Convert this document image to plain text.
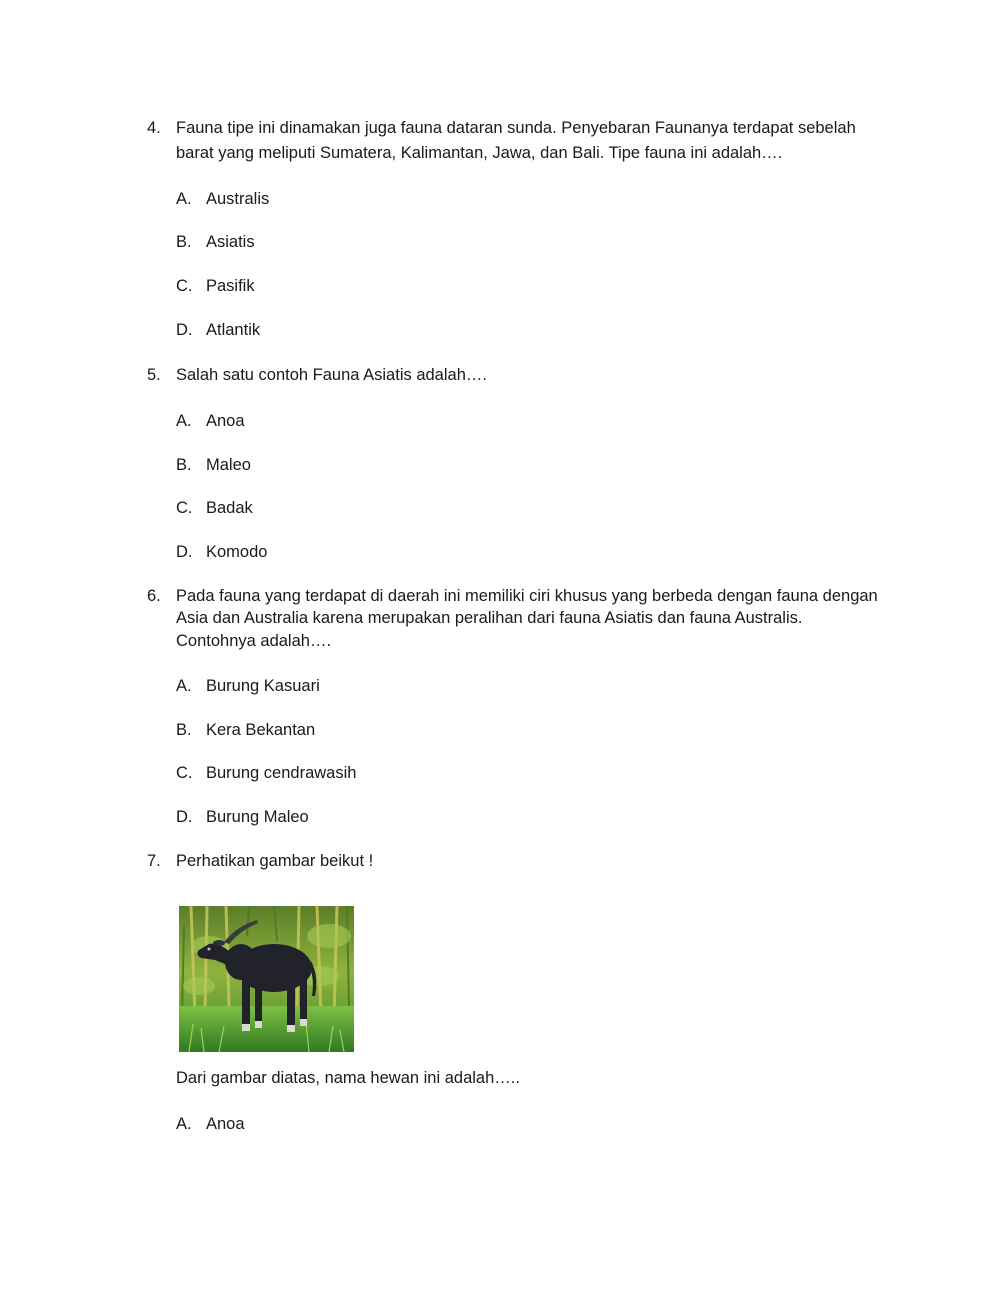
4. Fauna tipe ini dinamakan juga fauna dataran sunda. Penyebaran Faunanya terdapat sebelah
barat yang meliputi Sumatera, Kalimantan, Jawa, dan Bali. Tipe fauna ini adalah….
A. Australis
B. Asiatis
C. Pasifik
D. Atlantik
5. Salah satu contoh Fauna Asiatis adalah….
A. Anoa
B. Maleo
C. Badak
D. Komodo
6. Pada fauna yang terdapat di daerah ini memiliki ciri khusus yang berbeda dengan fauna dengan
Asia dan Australia karena merupakan peralihan dari fauna Asiatis dan fauna Australis.
Contohnya adalah….
A. Burung Kasuari
B. Kera Bekantan
C. Burung cendrawasih
D. Burung Maleo
7. Perhatikan gambar beikut !
Dari gambar diatas, nama hewan ini adalah…..
A. Anoa
